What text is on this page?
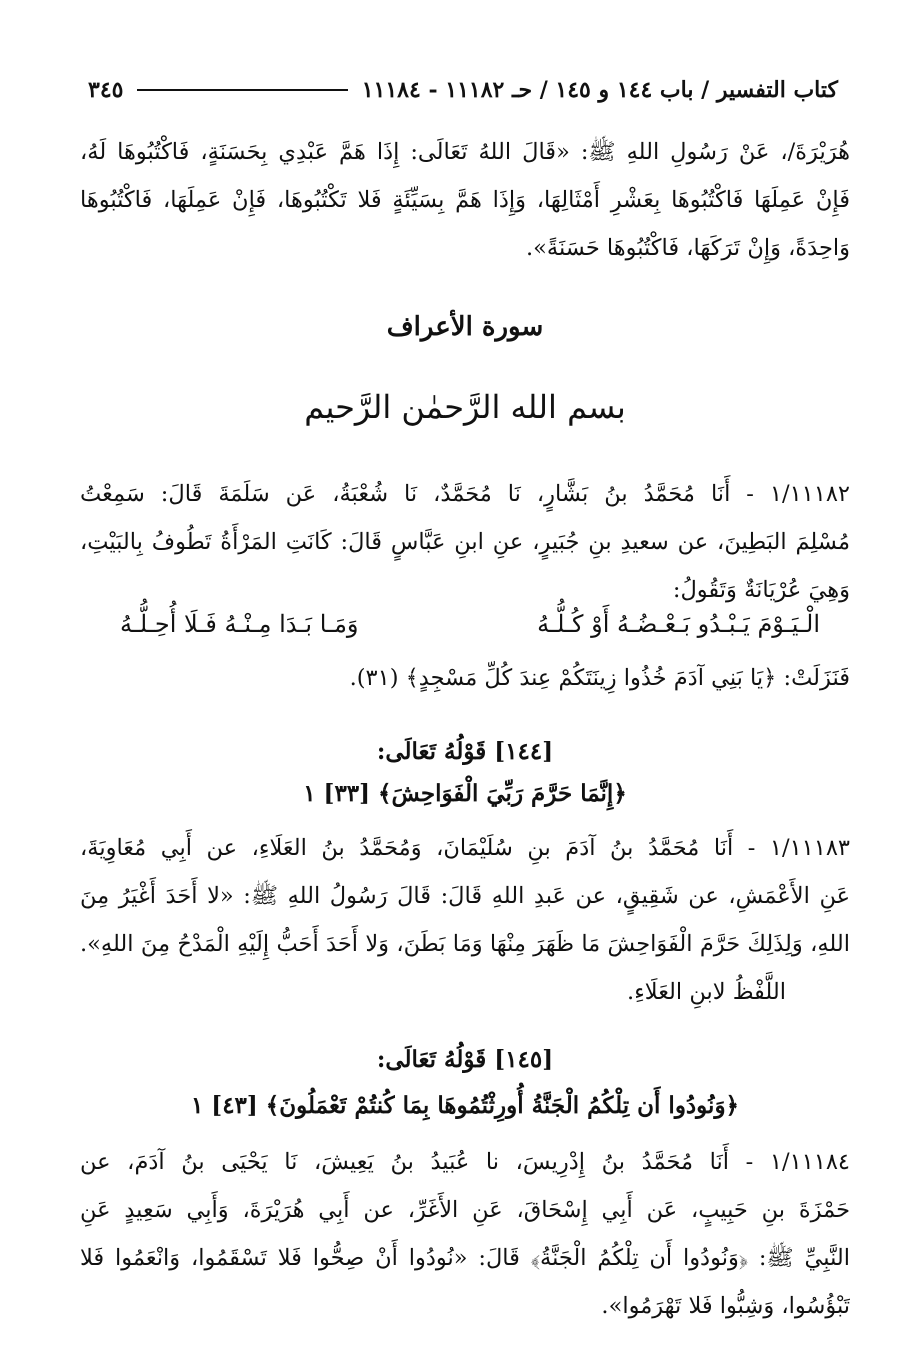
كتاب التفسير / باب ١٤٤ و ١٤٥ / حـ ١١١٨٢ - ١١١٨٤
٣٤٥
هُرَيْرَةَ/، عَنْ رَسُولِ اللهِ ﷺ: «قَالَ اللهُ تَعَالَى: إِذَا هَمَّ عَبْدِي بِحَسَنَةٍ، فَاكْتُبُوهَا لَهُ،
فَإِنْ عَمِلَهَا فَاكْتُبُوهَا بِعَشْرِ أَمْثَالِهَا، وَإِذَا هَمَّ بِسَيِّئَةٍ فَلا تَكْتُبُوهَا، فَإِنْ عَمِلَهَا، فَاكْتُبُوهَا
وَاحِدَةً، وَإِنْ تَرَكَهَا، فَاكْتُبُوهَا حَسَنَةً».
سورة الأعراف
بسم الله الرَّحمٰن الرَّحيم
١/١١١٨٢ - أَنَا مُحَمَّدُ بنُ بَشَّارٍ، نَا مُحَمَّدٌ، نَا شُعْبَةُ، عَن سَلَمَةَ قَالَ: سَمِعْتُ
مُسْلِمَ البَطِينَ، عن سعيدِ بنِ جُبَيرٍ، عنِ ابنِ عَبَّاسٍ قَالَ: كَانَتِ المَرْأَةُ تَطُوفُ بِالبَيْتِ،
وَهِيَ عُرْيَانَةٌ وَتَقُولُ:
الْـيَـوْمَ يَـبْـدُو بَـعْـضُـهُ أَوْ كُـلُّـهُ
وَمَـا بَـدَا مِـنْـهُ فَـلَا أُحِـلُّـهُ
فَنَزَلَتْ: ﴿يَا بَنِي آدَمَ خُذُوا زِينَتَكُمْ عِندَ كُلِّ مَسْجِدٍ﴾ (٣١).
[١٤٤] قَوْلُهُ تَعَالَى:
﴿إِنَّمَا حَرَّمَ رَبِّيَ الْفَوَاحِشَ﴾ [٣٣] ١
١/١١١٨٣ - أَنَا مُحَمَّدُ بنُ آدَمَ بنِ سُلَيْمَانَ، وَمُحَمَّدُ بنُ العَلَاءِ، عن أَبِي مُعَاوِيَةَ،
عَنِ الأَعْمَشِ، عن شَقِيقٍ، عن عَبدِ اللهِ قَالَ: قَالَ رَسُولُ اللهِ ﷺ: «لا أَحَدَ أَغْيَرُ مِنَ
اللهِ، وَلِذَلِكَ حَرَّمَ الْفَوَاحِشَ مَا ظَهَرَ مِنْهَا وَمَا بَطَنَ، وَلا أَحَدَ أَحَبُّ إِلَيْهِ الْمَدْحُ مِنَ اللهِ».
اللَّفْظُ لابنِ العَلَاءِ.
[١٤٥] قَوْلُهُ تَعَالَى:
﴿وَنُودُوا أَن تِلْكُمُ الْجَنَّةُ أُورِثْتُمُوهَا بِمَا كُنتُمْ تَعْمَلُونَ﴾ [٤٣] ١
١/١١١٨٤ - أَنَا مُحَمَّدُ بنُ إِدْرِيسَ، نا عُبَيدُ بنُ يَعِيشَ، نَا يَحْيَى بنُ آدَمَ، عن
حَمْزَةَ بنِ حَبِيبٍ، عَن أَبِي إِسْحَاقَ، عَنِ الأَغَرِّ، عن أَبِي هُرَيْرَةَ، وَأَبِي سَعِيدٍ عَنِ
النَّبِيِّ ﷺ: ﴿وَنُودُوا أَن تِلْكُمُ الْجَنَّةُ﴾ قَالَ: «نُودُوا أَنْ صِحُّوا فَلا تَسْقَمُوا، وَانْعَمُوا فَلا
تَبْؤُسُوا، وَشِبُّوا فَلا تَهْرَمُوا».
